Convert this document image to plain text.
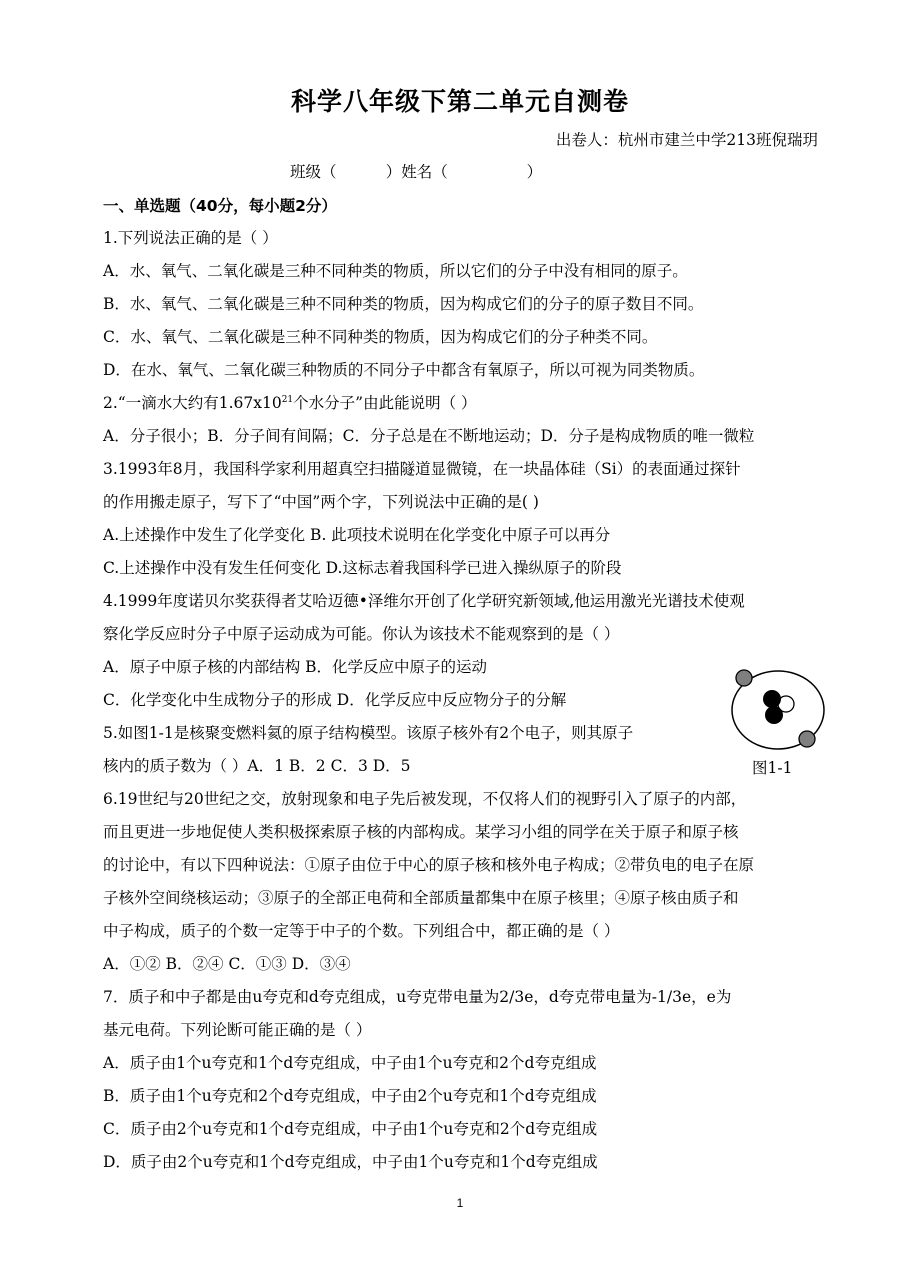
科学八年级下第二单元自测卷
出卷人：杭州市建兰中学213班倪瑞玥
班级（          ）姓名（                ）
一、单选题（40分，每小题2分）
1.下列说法正确的是（ ）
A．水、氧气、二氧化碳是三种不同种类的物质，所以它们的分子中没有相同的原子。
B．水、氧气、二氧化碳是三种不同种类的物质，因为构成它们的分子的原子数目不同。
C．水、氧气、二氧化碳是三种不同种类的物质，因为构成它们的分子种类不同。
D．在水、氧气、二氧化碳三种物质的不同分子中都含有氧原子，所以可视为同类物质。
2.“一滴水大约有$1.67x10^{21}$个水分子”由此能说明（ ）
A．分子很小；B．分子间有间隔；C．分子总是在不断地运动；D．分子是构成物质的唯一微粒
3.1993年8月，我国科学家利用超真空扫描隧道显微镜，在一块晶体硅（Si）的表面通过探针
的作用搬走原子，写下了“中国”两个字，下列说法中正确的是( )
A.上述操作中发生了化学变化 B. 此项技术说明在化学变化中原子可以再分
C.上述操作中没有发生任何变化 D.这标志着我国科学已进入操纵原子的阶段
4.1999年度诺贝尔奖获得者艾哈迈德•泽维尔开创了化学研究新领域,他运用激光光谱技术使观
察化学反应时分子中原子运动成为可能。你认为该技术不能观察到的是（ ）
A．原子中原子核的内部结构 B．化学反应中原子的运动
C．化学变化中生成物分子的形成 D．化学反应中反应物分子的分解
5.如图1-1是核聚变燃料氦的原子结构模型。该原子核外有2个电子，则其原子
核内的质子数为（ ）A．1 B．2 C．3 D．5	图1-1
6.19世纪与20世纪之交，放射现象和电子先后被发现，不仅将人们的视野引入了原子的内部，
而且更进一步地促使人类积极探索原子核的内部构成。某学习小组的同学在关于原子和原子核
的讨论中，有以下四种说法：①原子由位于中心的原子核和核外电子构成；②带负电的电子在原
子核外空间绕核运动；③原子的全部正电荷和全部质量都集中在原子核里；④原子核由质子和
中子构成，质子的个数一定等于中子的个数。下列组合中，都正确的是（ ）
A．①② B．②④ C．①③ D．③④
7．质子和中子都是由u夸克和d夸克组成，u夸克带电量为2/3e，d夸克带电量为-1/3e，e为
基元电荷。下列论断可能正确的是（ ）
A．质子由1个u夸克和1个d夸克组成，中子由1个u夸克和2个d夸克组成
B．质子由1个u夸克和2个d夸克组成，中子由2个u夸克和1个d夸克组成
C．质子由2个u夸克和1个d夸克组成，中子由1个u夸克和2个d夸克组成
D．质子由2个u夸克和1个d夸克组成，中子由1个u夸克和1个d夸克组成
1
